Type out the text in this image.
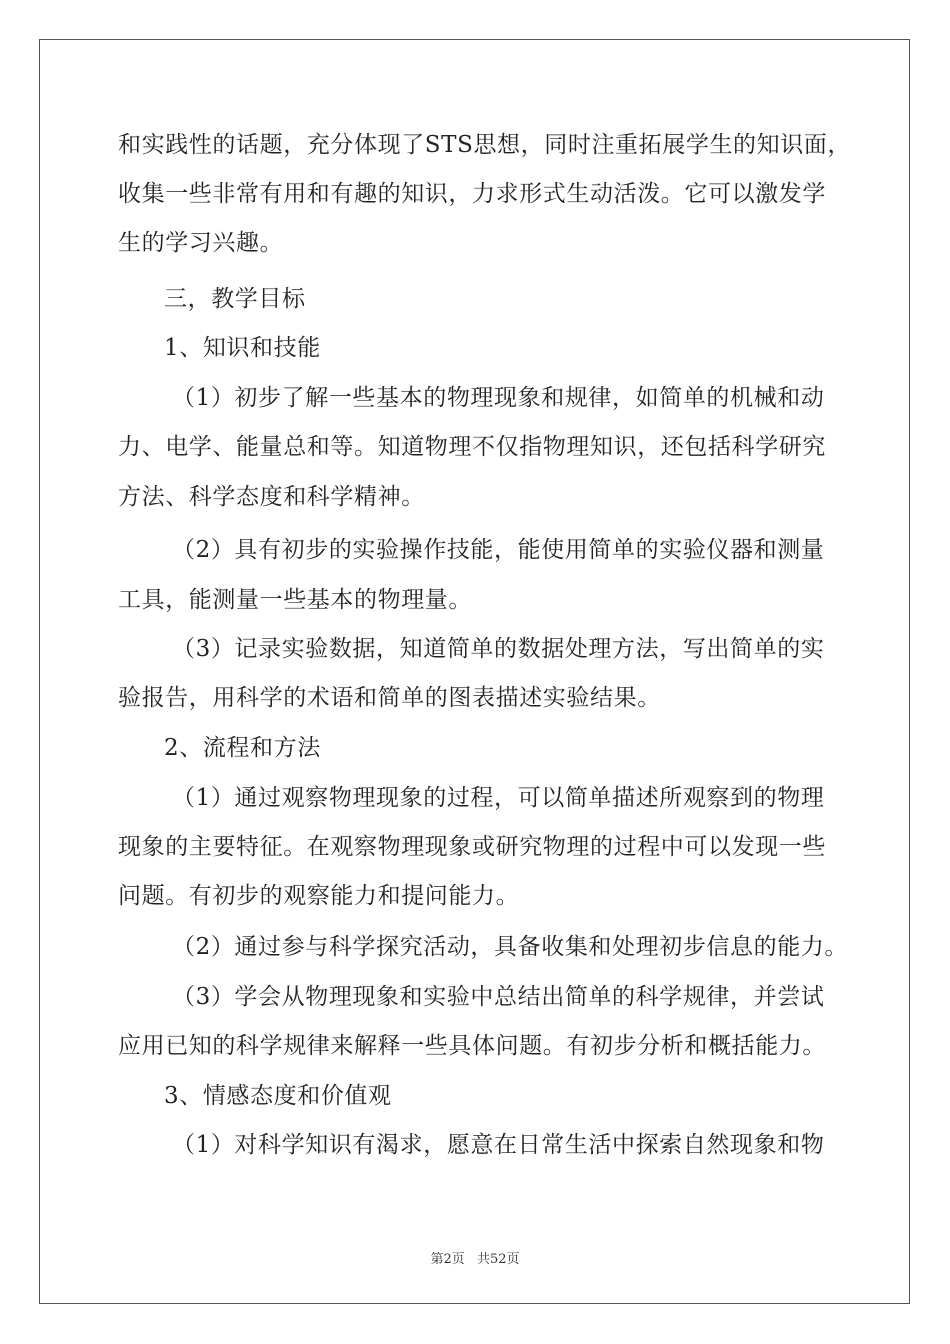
和实践性的话题，充分体现了STS思想，同时注重拓展学生的知识面，
收集一些非常有用和有趣的知识，力求形式生动活泼。它可以激发学
生的学习兴趣。
三，教学目标
1、知识和技能
（1）初步了解一些基本的物理现象和规律，如简单的机械和动
力、电学、能量总和等。知道物理不仅指物理知识，还包括科学研究
方法、科学态度和科学精神。
（2）具有初步的实验操作技能，能使用简单的实验仪器和测量
工具，能测量一些基本的物理量。
（3）记录实验数据，知道简单的数据处理方法，写出简单的实
验报告，用科学的术语和简单的图表描述实验结果。
2、流程和方法
（1）通过观察物理现象的过程，可以简单描述所观察到的物理
现象的主要特征。在观察物理现象或研究物理的过程中可以发现一些
问题。有初步的观察能力和提问能力。
（2）通过参与科学探究活动，具备收集和处理初步信息的能力。
（3）学会从物理现象和实验中总结出简单的科学规律，并尝试
应用已知的科学规律来解释一些具体问题。有初步分析和概括能力。
3、情感态度和价值观
（1）对科学知识有渴求，愿意在日常生活中探索自然现象和物
第2页 共52页
